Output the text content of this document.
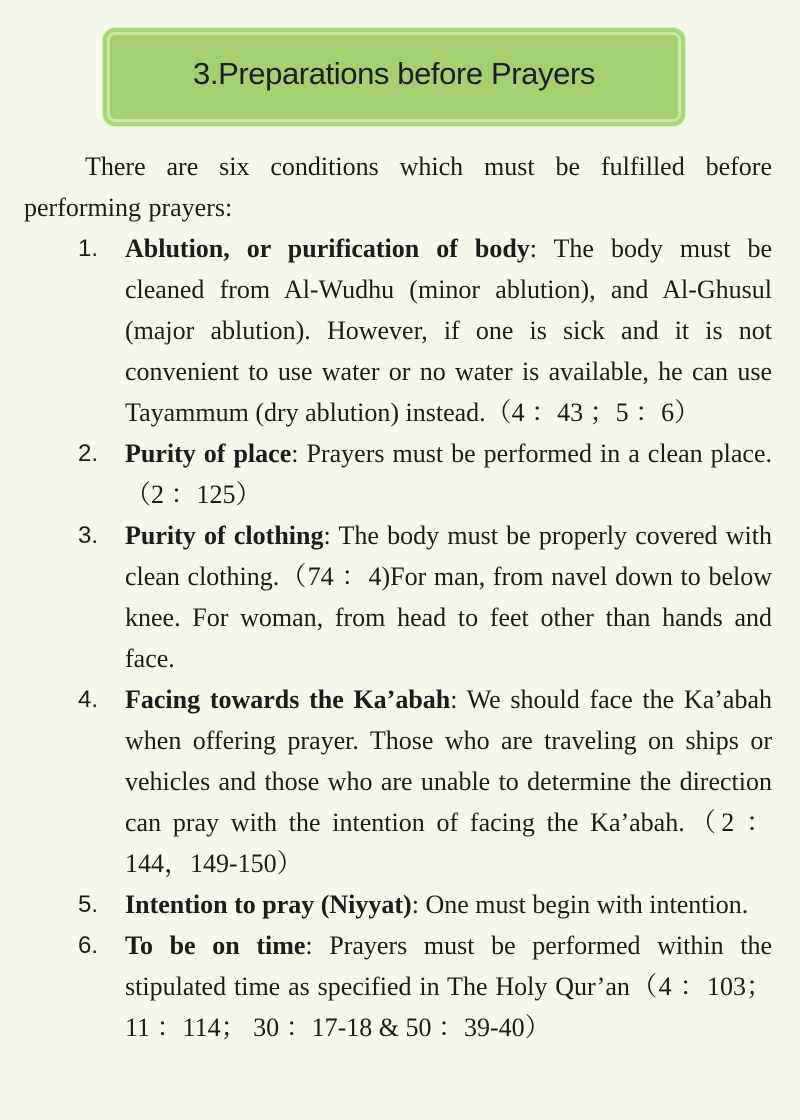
3.Preparations before Prayers
There are six conditions which must be fulfilled before performing prayers:
1.	Ablution, or purification of body: The body must be cleaned from Al-Wudhu (minor ablution), and Al-Ghusul (major ablution). However, if one is sick and it is not convenient to use water or no water is available, he can use Tayammum (dry ablution) instead.（4 ：43 ；5 ：6）
2.	Purity of place: Prayers must be performed in a clean place.（2 ：125）
3.	Purity of clothing: The body must be properly covered with clean clothing.（74 ：4)For man, from navel down to below knee. For woman, from head to feet other than hands and face.
4.	Facing towards the Ka’abah: We should face the Ka’abah when offering prayer. Those who are traveling on ships or vehicles and those who are unable to determine the direction can pray with the intention of facing the Ka’abah.（2 ：144，149-150）
5.	Intention to pray (Niyyat): One must begin with intention.
6.	To be on time: Prayers must be performed within the stipulated time as specified in The Holy Qur’an（4 ：103； 11 ：114； 30 ：17-18 & 50 ：39-40）
